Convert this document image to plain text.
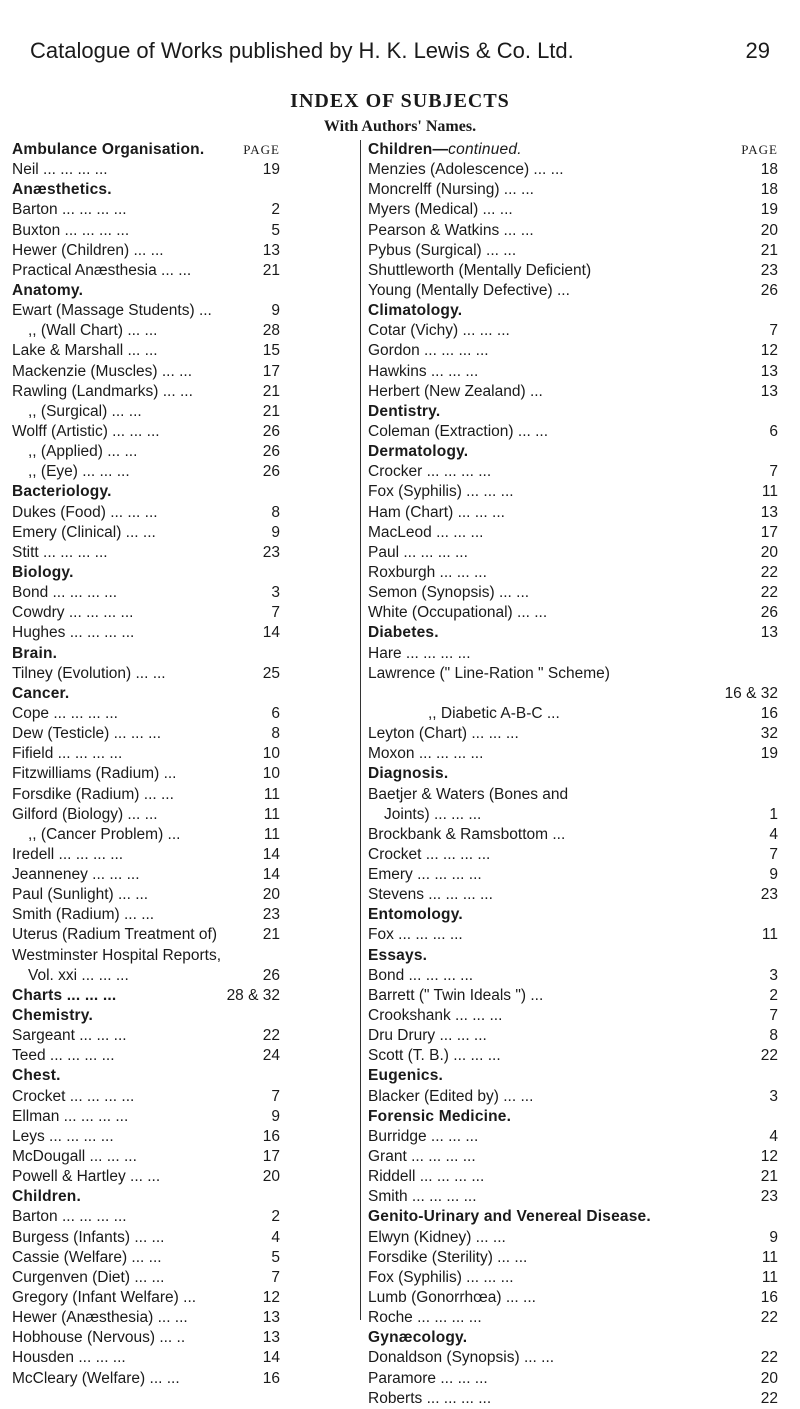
Catalogue of Works published by H. K. Lewis & Co. Ltd.	29
INDEX OF SUBJECTS
With Authors' Names.
Ambulance Organisation.	PAGE
Neil ... ... ... ...	19
Anæsthetics.
Barton ... ... ... ...	2
Buxton ... ... ... ...	5
Hewer (Children) ... ...	13
Practical Anæsthesia ... ...	21
Anatomy.
Ewart (Massage Students) ...	9
,, (Wall Chart) ... ...	28
Lake & Marshall ... ...	15
Mackenzie (Muscles) ... ...	17
Rawling (Landmarks) ... ...	21
,, (Surgical) ... ...	21
Wolff (Artistic) ... ... ...	26
,, (Applied) ... ...	26
,, (Eye) ... ... ...	26
Bacteriology.
Dukes (Food) ... ... ...	8
Emery (Clinical) ... ...	9
Stitt ... ... ... ...	23
Biology.
Bond ... ... ... ...	3
Cowdry ... ... ... ...	7
Hughes ... ... ... ...	14
Brain.
Tilney (Evolution) ... ...	25
Cancer.
Cope ... ... ... ...	6
Dew (Testicle) ... ... ...	8
Fifield ... ... ... ...	10
Fitzwilliams (Radium) ...	10
Forsdike (Radium) ... ...	11
Gilford (Biology) ... ...	11
,, (Cancer Problem) ...	11
Iredell ... ... ... ...	14
Jeanneney ... ... ...	14
Paul (Sunlight) ... ...	20
Smith (Radium) ... ...	23
Uterus (Radium Treatment of)	21
Westminster Hospital Reports,
Vol. xxi ... ... ...	26
Charts ... ... ...	28 & 32
Chemistry.
Sargeant ... ... ...	22
Teed ... ... ... ...	24
Chest.
Crocket ... ... ... ...	7
Ellman ... ... ... ...	9
Leys ... ... ... ...	16
McDougall ... ... ...	17
Powell & Hartley ... ...	20
Children.
Barton ... ... ... ...	2
Burgess (Infants) ... ...	4
Cassie (Welfare) ... ...	5
Curgenven (Diet) ... ...	7
Gregory (Infant Welfare) ...	12
Hewer (Anæsthesia) ... ...	13
Hobhouse (Nervous) ... ..	13
Housden ... ... ...	14
McCleary (Welfare) ... ...	16
Children—continued.	PAGE
Menzies (Adolescence) ... ...	18
Moncrelff (Nursing) ... ...	18
Myers (Medical) ... ...	19
Pearson & Watkins ... ...	20
Pybus (Surgical) ... ...	21
Shuttleworth (Mentally Deficient)	23
Young (Mentally Defective) ...	26
Climatology.
Cotar (Vichy) ... ... ...	7
Gordon ... ... ... ...	12
Hawkins ... ... ...	13
Herbert (New Zealand) ...	13
Dentistry.
Coleman (Extraction) ... ...	6
Dermatology.
Crocker ... ... ... ...	7
Fox (Syphilis) ... ... ...	11
Ham (Chart) ... ... ...	13
MacLeod ... ... ...	17
Paul ... ... ... ...	20
Roxburgh ... ... ...	22
Semon (Synopsis) ... ...	22
White (Occupational) ... ...	26
Diabetes.	13
Hare ... ... ... ...
Lawrence (" Line-Ration " Scheme)
16 & 32
,, Diabetic A-B-C ...	16
Leyton (Chart) ... ... ...	32
Moxon ... ... ... ...	19
Diagnosis.
Baetjer & Waters (Bones and
Joints) ... ... ...	1
Brockbank & Ramsbottom ...	4
Crocket ... ... ... ...	7
Emery ... ... ... ...	9
Stevens ... ... ... ...	23
Entomology.
Fox ... ... ... ...	11
Essays.
Bond ... ... ... ...	3
Barrett (" Twin Ideals ") ...	2
Crookshank ... ... ...	7
Dru Drury ... ... ...	8
Scott (T. B.) ... ... ...	22
Eugenics.
Blacker (Edited by) ... ...	3
Forensic Medicine.
Burridge ... ... ...	4
Grant ... ... ... ...	12
Riddell ... ... ... ...	21
Smith ... ... ... ...	23
Genito-Urinary and Venereal Disease.
Elwyn (Kidney) ... ...	9
Forsdike (Sterility) ... ...	11
Fox (Syphilis) ... ... ...	11
Lumb (Gonorrhœa) ... ...	16
Roche ... ... ... ...	22
Gynæcology.
Donaldson (Synopsis) ... ...	22
Paramore ... ... ...	20
Roberts ... ... ... ...	22
